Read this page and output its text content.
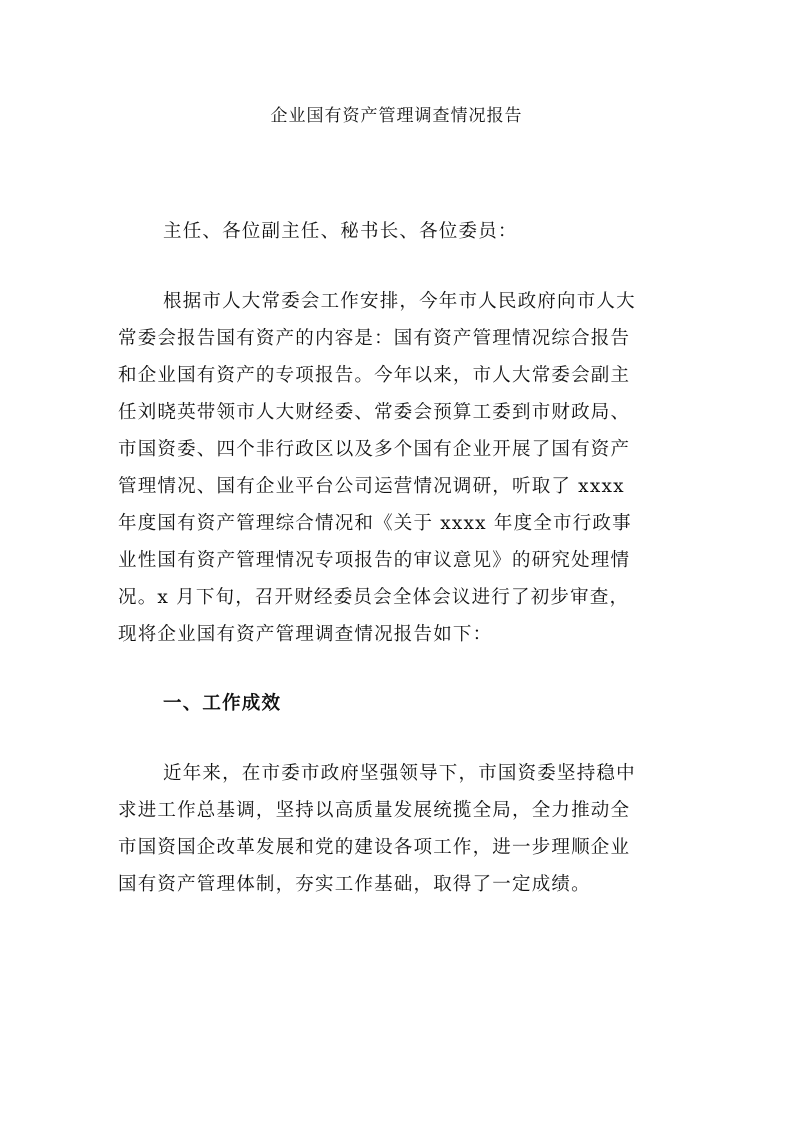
企业国有资产管理调查情况报告
主任、各位副主任、秘书长、各位委员：
根据市人大常委会工作安排，今年市人民政府向市人大
常委会报告国有资产的内容是：国有资产管理情况综合报告
和企业国有资产的专项报告。今年以来，市人大常委会副主
任刘晓英带领市人大财经委、常委会预算工委到市财政局、
市国资委、四个非行政区以及多个国有企业开展了国有资产
管理情况、国有企业平台公司运营情况调研，听取了 xxxx
年度国有资产管理综合情况和《关于 xxxx 年度全市行政事
业性国有资产管理情况专项报告的审议意见》的研究处理情
况。x 月下旬，召开财经委员会全体会议进行了初步审查，
现将企业国有资产管理调查情况报告如下：
一、工作成效
近年来，在市委市政府坚强领导下，市国资委坚持稳中
求进工作总基调，坚持以高质量发展统揽全局，全力推动全
市国资国企改革发展和党的建设各项工作，进一步理顺企业
国有资产管理体制，夯实工作基础，取得了一定成绩。
